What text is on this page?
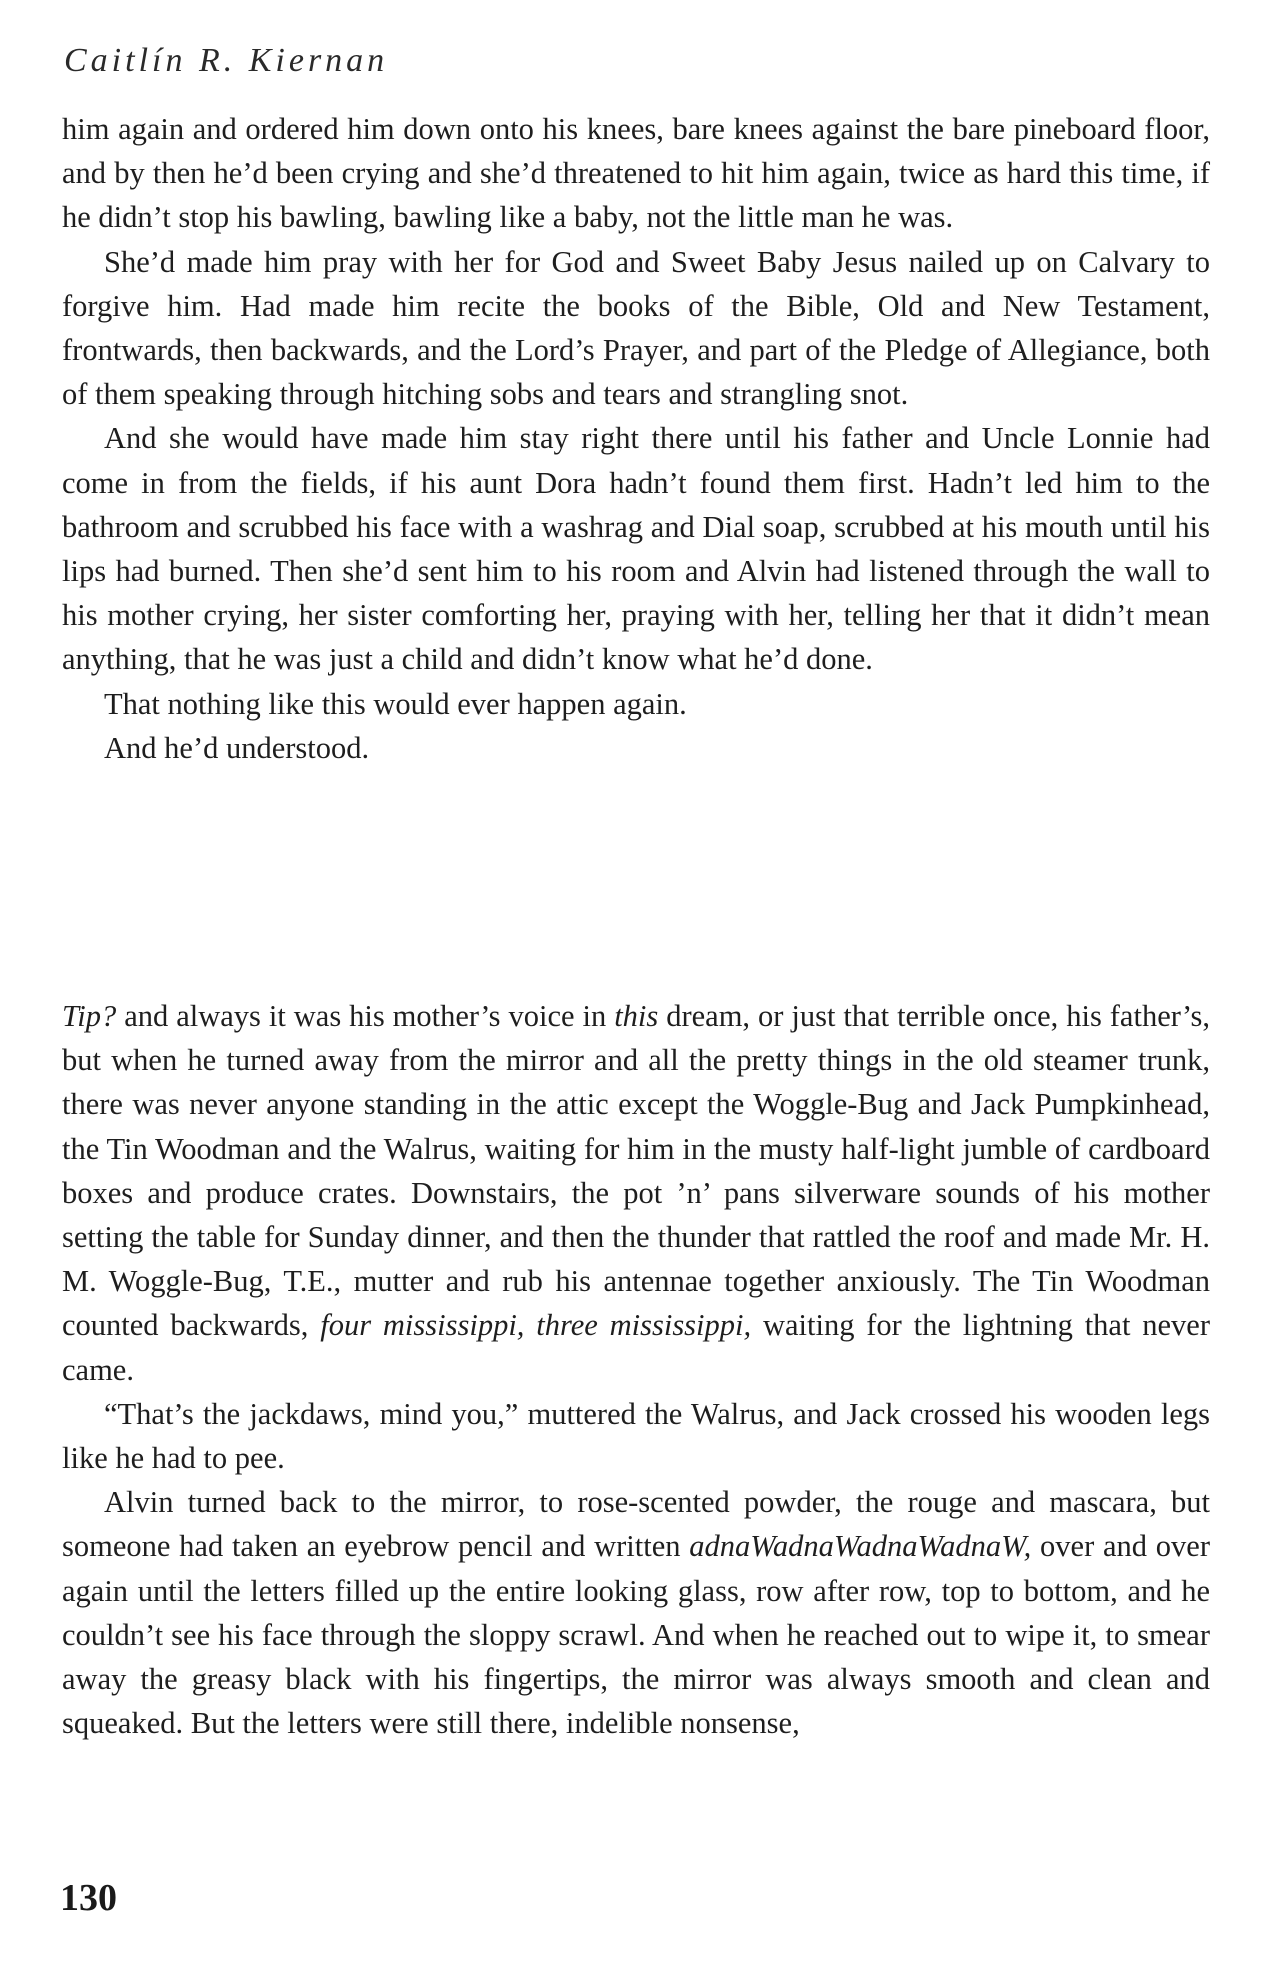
Caitlín R. Kiernan

him again and ordered him down onto his knees, bare knees against the bare pineboard floor, and by then he’d been crying and she’d threatened to hit him again, twice as hard this time, if he didn’t stop his bawling, bawling like a baby, not the little man he was.

She’d made him pray with her for God and Sweet Baby Jesus nailed up on Calvary to forgive him. Had made him recite the books of the Bible, Old and New Testament, frontwards, then backwards, and the Lord’s Prayer, and part of the Pledge of Allegiance, both of them speaking through hitching sobs and tears and strangling snot.

And she would have made him stay right there until his father and Uncle Lonnie had come in from the fields, if his aunt Dora hadn’t found them first. Hadn’t led him to the bathroom and scrubbed his face with a washrag and Dial soap, scrubbed at his mouth until his lips had burned. Then she’d sent him to his room and Alvin had listened through the wall to his mother crying, her sister comforting her, praying with her, telling her that it didn’t mean anything, that he was just a child and didn’t know what he’d done.

That nothing like this would ever happen again.

And he’d understood.

Tip? and always it was his mother’s voice in this dream, or just that terrible once, his father’s, but when he turned away from the mirror and all the pretty things in the old steamer trunk, there was never anyone standing in the attic except the Woggle-Bug and Jack Pumpkinhead, the Tin Woodman and the Walrus, waiting for him in the musty half-light jumble of cardboard boxes and produce crates. Downstairs, the pot ’n’ pans silverware sounds of his mother setting the table for Sunday dinner, and then the thunder that rattled the roof and made Mr. H. M. Woggle-Bug, T.E., mutter and rub his antennae together anxiously. The Tin Woodman counted backwards, four mississippi, three mississippi, waiting for the lightning that never came.

“That’s the jackdaws, mind you,” muttered the Walrus, and Jack crossed his wooden legs like he had to pee.

Alvin turned back to the mirror, to rose-scented powder, the rouge and mascara, but someone had taken an eyebrow pencil and written adnaWadnaWadnaWadnaW, over and over again until the letters filled up the entire looking glass, row after row, top to bottom, and he couldn’t see his face through the sloppy scrawl. And when he reached out to wipe it, to smear away the greasy black with his fingertips, the mirror was always smooth and clean and squeaked. But the letters were still there, indelible nonsense,

130
